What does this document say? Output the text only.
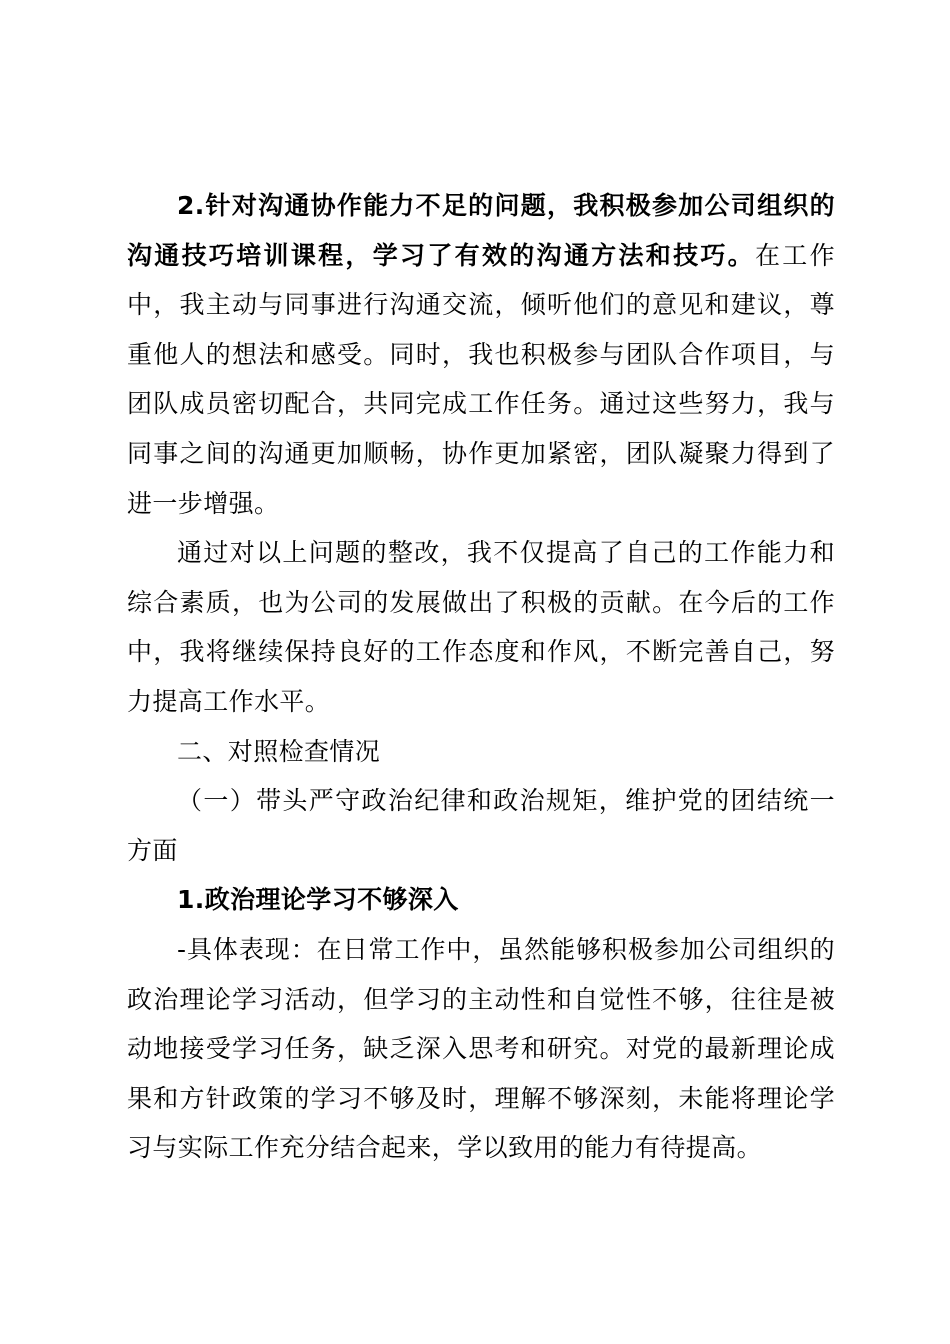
2.针对沟通协作能力不足的问题，我积极参加公司组织的沟通技巧培训课程，学习了有效的沟通方法和技巧。在工作中，我主动与同事进行沟通交流，倾听他们的意见和建议，尊重他人的想法和感受。同时，我也积极参与团队合作项目，与团队成员密切配合，共同完成工作任务。通过这些努力，我与同事之间的沟通更加顺畅，协作更加紧密，团队凝聚力得到了进一步增强。

通过对以上问题的整改，我不仅提高了自己的工作能力和综合素质，也为公司的发展做出了积极的贡献。在今后的工作中，我将继续保持良好的工作态度和作风，不断完善自己，努力提高工作水平。

二、对照检查情况

（一）带头严守政治纪律和政治规矩，维护党的团结统一方面

1.政治理论学习不够深入

-具体表现：在日常工作中，虽然能够积极参加公司组织的政治理论学习活动，但学习的主动性和自觉性不够，往往是被动地接受学习任务，缺乏深入思考和研究。对党的最新理论成果和方针政策的学习不够及时，理解不够深刻，未能将理论学习与实际工作充分结合起来，学以致用的能力有待提高。
